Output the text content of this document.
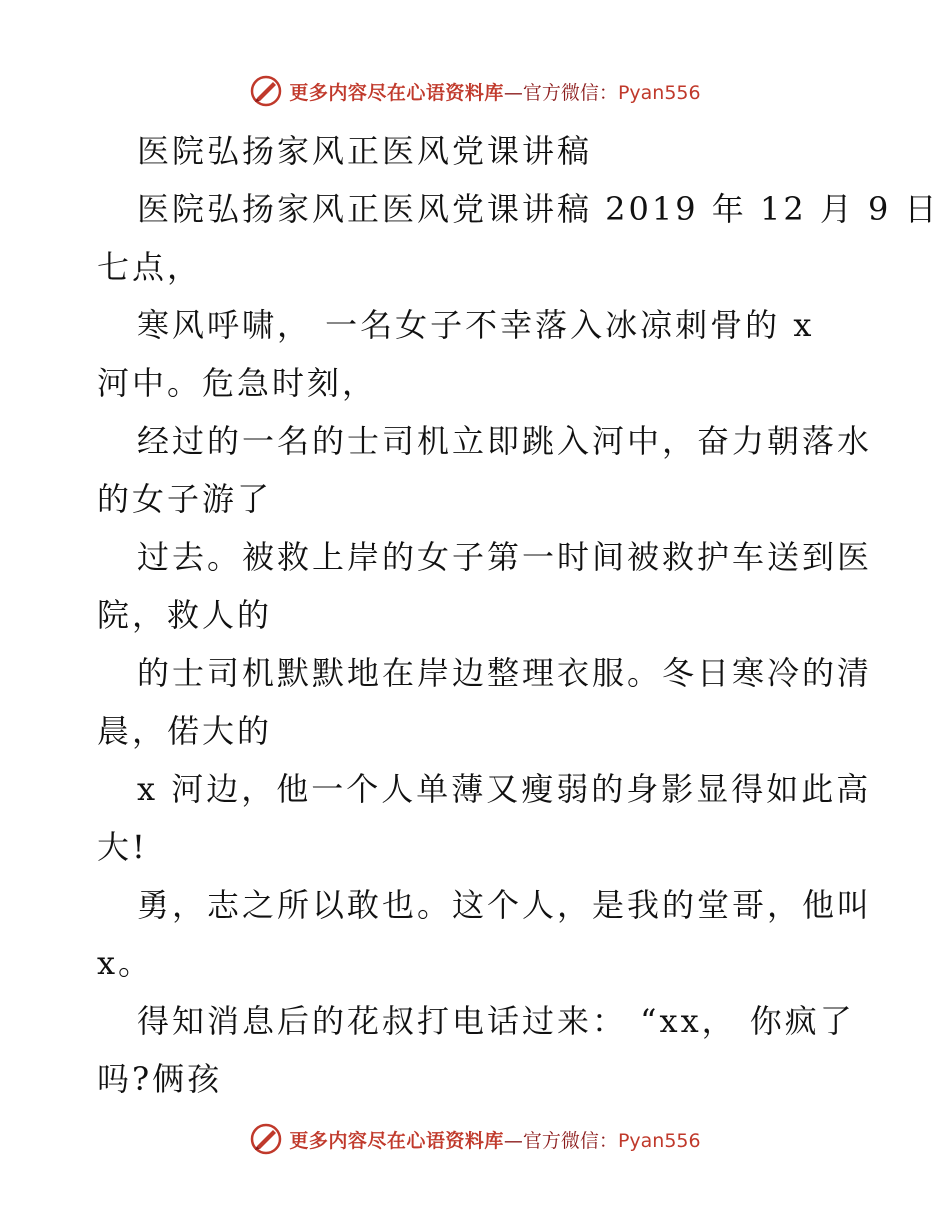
更多内容尽在心语资料库—官方微信：Pyan556
医院弘扬家风正医风党课讲稿
医院弘扬家风正医风党课讲稿 2019 年 12 月 9 日
七点，
寒风呼啸， 一名女子不幸落入冰凉刺骨的 x
河中。危急时刻，
经过的一名的士司机立即跳入河中，奋力朝落水
的女子游了
过去。被救上岸的女子第一时间被救护车送到医
院，救人的
的士司机默默地在岸边整理衣服。冬日寒冷的清
晨，偌大的
x 河边，他一个人单薄又瘦弱的身影显得如此高
大!
勇，志之所以敢也。这个人，是我的堂哥，他叫
x。
得知消息后的花叔打电话过来： “xx， 你疯了
吗?俩孩
更多内容尽在心语资料库—官方微信：Pyan556
